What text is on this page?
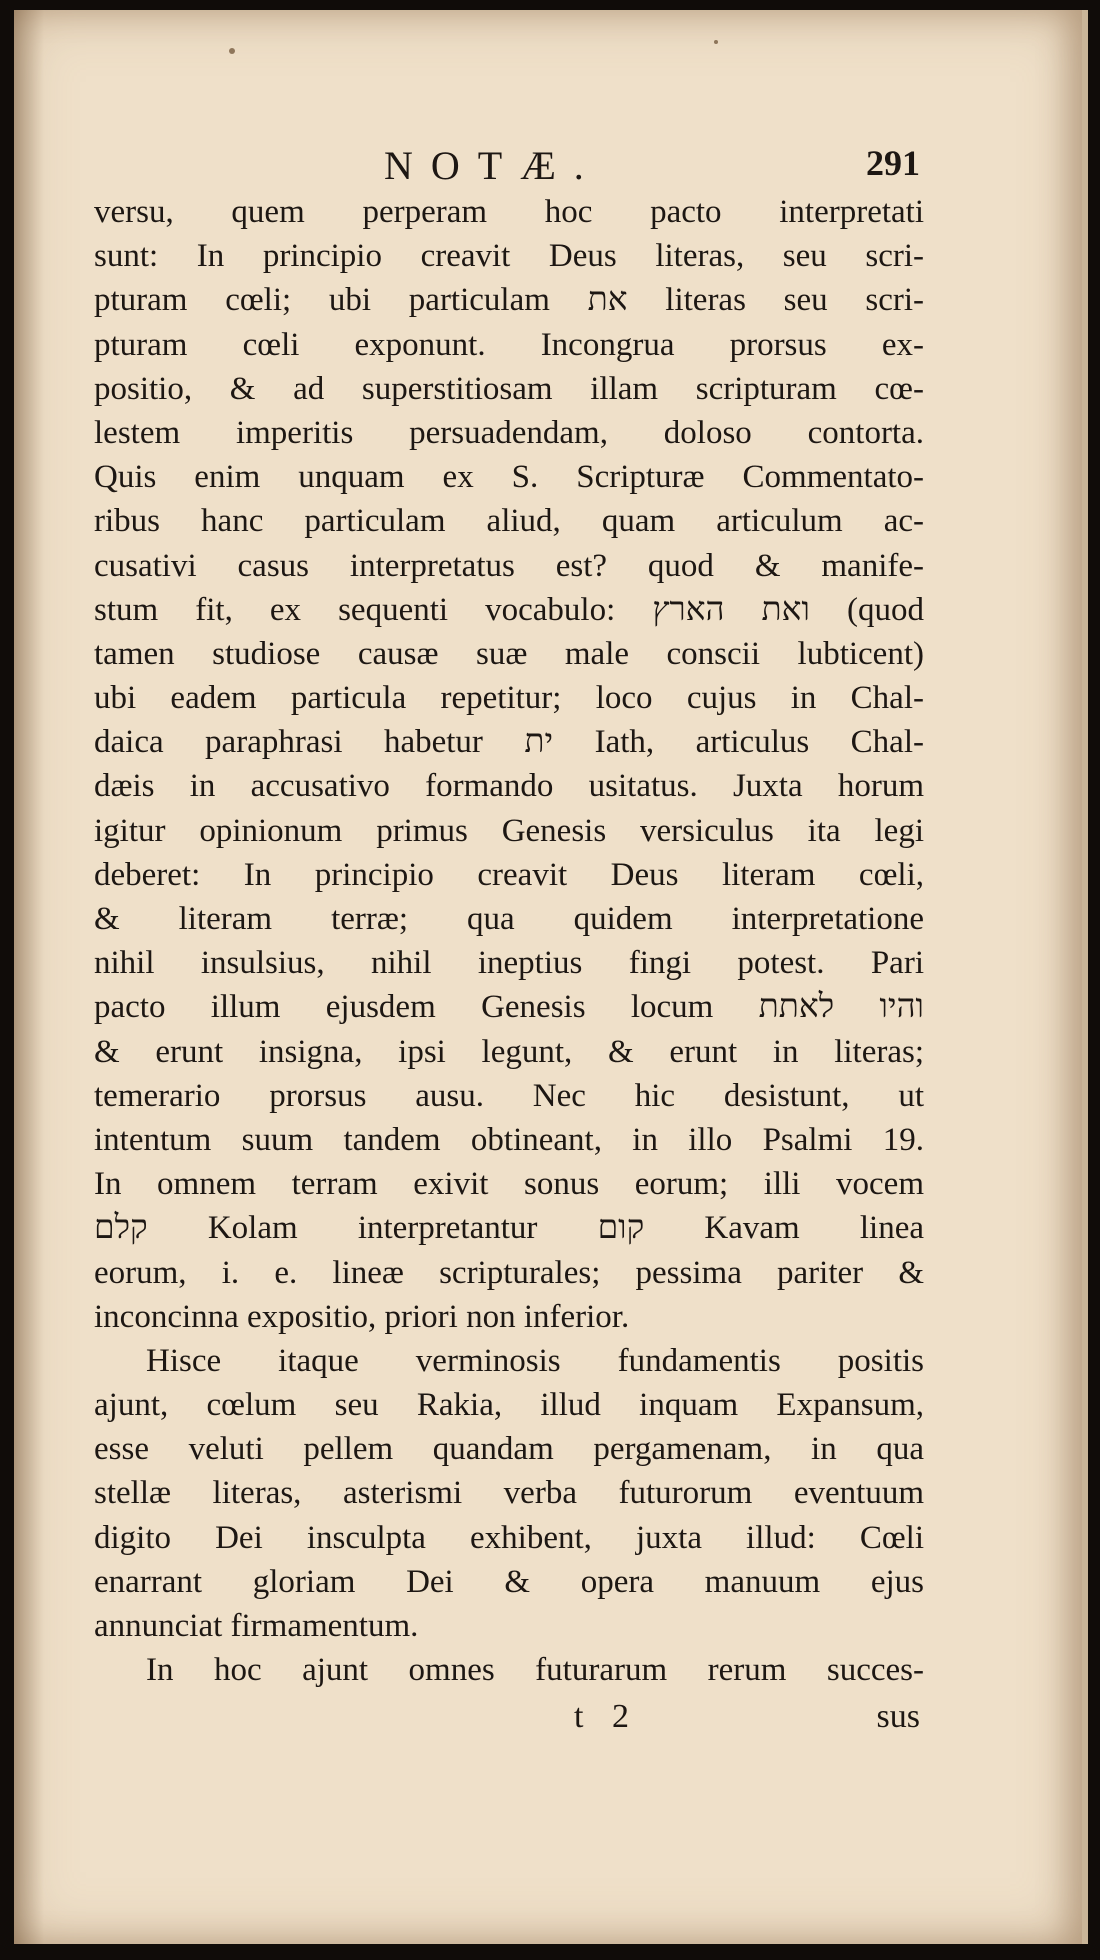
NOTÆ.	291
versu, quem perperam hoc pacto interpretati
sunt: In principio creavit Deus literas, seu scri-
pturam cœli; ubi particulam את literas seu scri-
pturam cœli exponunt. Incongrua prorsus ex-
positio, & ad superstitiosam illam scripturam cœ-
lestem imperitis persuadendam, doloso contorta.
Quis enim unquam ex S. Scripturæ Commentato-
ribus hanc particulam aliud, quam articulum ac-
cusativi casus interpretatus est? quod & manife-
stum fit, ex sequenti vocabulo: ואת הארץ (quod
tamen studiose causæ suæ male conscii lubticent)
ubi eadem particula repetitur; loco cujus in Chal-
daica paraphrasi habetur ית Iath, articulus Chal-
dæis in accusativo formando usitatus. Juxta horum
igitur opinionum primus Genesis versiculus ita legi
deberet: In principio creavit Deus literam cœli,
& literam terræ; qua quidem interpretatione
nihil insulsius, nihil ineptius fingi potest. Pari
pacto illum ejusdem Genesis locum והיו לאתת
& erunt insigna, ipsi legunt, & erunt in literas;
temerario prorsus ausu. Nec hic desistunt, ut
intentum suum tandem obtineant, in illo Psalmi 19.
In omnem terram exivit sonus eorum; illi vocem
קלם Kolam interpretantur קום Kavam linea
eorum, i. e. lineæ scripturales; pessima pariter &
inconcinna expositio, priori non inferior.
Hisce itaque verminosis fundamentis positis
ajunt, cœlum seu Rakia, illud inquam Expansum,
esse veluti pellem quandam pergamenam, in qua
stellæ literas, asterismi verba futurorum eventuum
digito Dei insculpta exhibent, juxta illud: Cœli
enarrant gloriam Dei & opera manuum ejus
annunciat firmamentum.
In hoc ajunt omnes futurarum rerum succes-
t 2	sus
